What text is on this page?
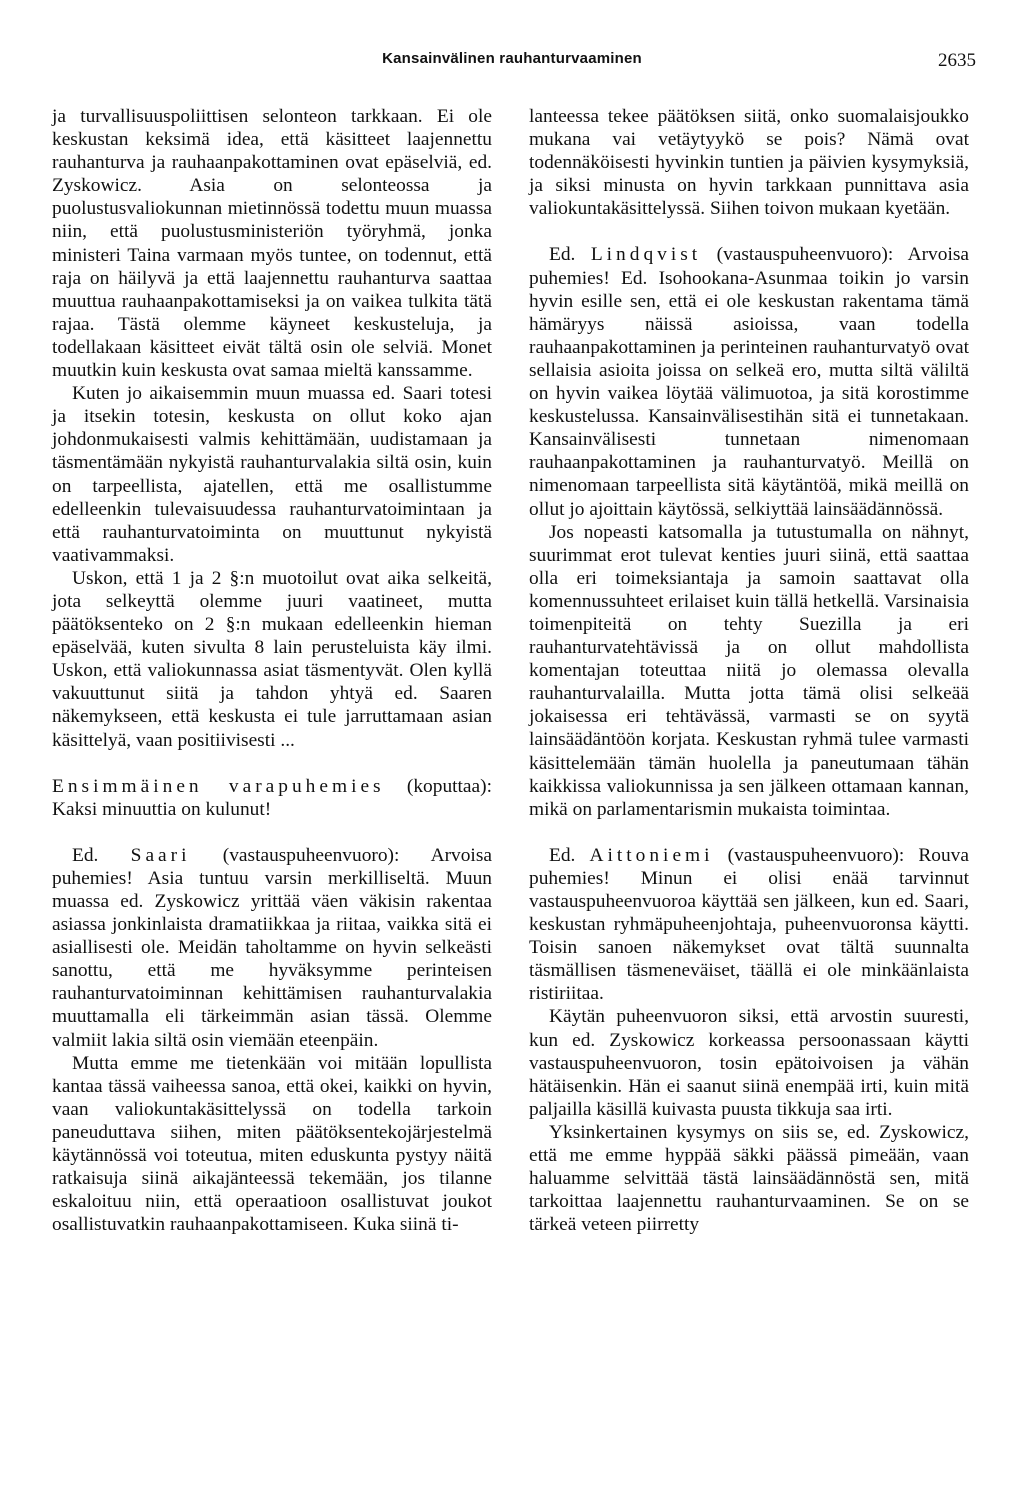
Kansainvälinen rauhanturvaaminen	2635

ja turvallisuuspoliittisen selonteon tarkkaan. Ei ole keskustan keksimä idea, että käsitteet laajennettu rauhanturva ja rauhaanpakottaminen ovat epäselviä, ed. Zyskowicz. Asia on selonteossa ja puolustusvaliokunnan mietinnössä todettu muun muassa niin, että puolustusministeriön työryhmä, jonka ministeri Taina varmaan myös tuntee, on todennut, että raja on häilyvä ja että laajennettu rauhanturva saattaa muuttua rauhaanpakottamiseksi ja on vaikea tulkita tätä rajaa. Tästä olemme käyneet keskusteluja, ja todellakaan käsitteet eivät tältä osin ole selviä. Monet muutkin kuin keskusta ovat samaa mieltä kanssamme.

Kuten jo aikaisemmin muun muassa ed. Saari totesi ja itsekin totesin, keskusta on ollut koko ajan johdonmukaisesti valmis kehittämään, uudistamaan ja täsmentämään nykyistä rauhanturvalakia siltä osin, kuin on tarpeellista, ajatellen, että me osallistumme edelleenkin tulevaisuudessa rauhanturvatoimintaan ja että rauhanturvatoiminta on muuttunut nykyistä vaativammaksi.

Uskon, että 1 ja 2 §:n muotoilut ovat aika selkeitä, jota selkeyttä olemme juuri vaatineet, mutta päätöksenteko on 2 §:n mukaan edelleenkin hieman epäselvää, kuten sivulta 8 lain perusteluista käy ilmi. Uskon, että valiokunnassa asiat täsmentyvät. Olen kyllä vakuuttunut siitä ja tahdon yhtyä ed. Saaren näkemykseen, että keskusta ei tule jarruttamaan asian käsittelyä, vaan positiivisesti ...

Ensimmäinen varapuhemies (koputtaa): Kaksi minuuttia on kulunut!

Ed. Saari (vastauspuheenvuoro): Arvoisa puhemies! Asia tuntuu varsin merkilliseltä. Muun muassa ed. Zyskowicz yrittää väen väkisin rakentaa asiassa jonkinlaista dramatiikkaa ja riitaa, vaikka sitä ei asiallisesti ole. Meidän taholtamme on hyvin selkeästi sanottu, että me hyväksymme perinteisen rauhanturvatoiminnan kehittämisen rauhanturvalakia muuttamalla eli tärkeimmän asian tässä. Olemme valmiit lakia siltä osin viemään eteenpäin.

Mutta emme me tietenkään voi mitään lopullista kantaa tässä vaiheessa sanoa, että okei, kaikki on hyvin, vaan valiokuntakäsittelyssä on todella tarkoin paneuduttava siihen, miten päätöksentekojärjestelmä käytännössä voi toteutua, miten eduskunta pystyy näitä ratkaisuja siinä aikajänteessä tekemään, jos tilanne eskaloituu niin, että operaatioon osallistuvat joukot osallistuvatkin rauhaanpakottamiseen. Kuka siinä ti-

lanteessa tekee päätöksen siitä, onko suomalaisjoukko mukana vai vetäytyykö se pois? Nämä ovat todennäköisesti hyvinkin tuntien ja päivien kysymyksiä, ja siksi minusta on hyvin tarkkaan punnittava asia valiokuntakäsittelyssä. Siihen toivon mukaan kyetään.

Ed. Lindqvist (vastauspuheenvuoro): Arvoisa puhemies! Ed. Isohookana-Asunmaa toikin jo varsin hyvin esille sen, että ei ole keskustan rakentama tämä hämäryys näissä asioissa, vaan todella rauhaanpakottaminen ja perinteinen rauhanturvatyö ovat sellaisia asioita joissa on selkeä ero, mutta siltä väliltä on hyvin vaikea löytää välimuotoa, ja sitä korostimme keskustelussa. Kansainvälisestihän sitä ei tunnetakaan. Kansainvälisesti tunnetaan nimenomaan rauhaanpakottaminen ja rauhanturvatyö. Meillä on nimenomaan tarpeellista sitä käytäntöä, mikä meillä on ollut jo ajoittain käytössä, selkiyttää lainsäädännössä.

Jos nopeasti katsomalla ja tutustumalla on nähnyt, suurimmat erot tulevat kenties juuri siinä, että saattaa olla eri toimeksiantaja ja samoin saattavat olla komennussuhteet erilaiset kuin tällä hetkellä. Varsinaisia toimenpiteitä on tehty Suezilla ja eri rauhanturvatehtävissä ja on ollut mahdollista komentajan toteuttaa niitä jo olemassa olevalla rauhanturvalailla. Mutta jotta tämä olisi selkeää jokaisessa eri tehtävässä, varmasti se on syytä lainsäädäntöön korjata. Keskustan ryhmä tulee varmasti käsittelemään tämän huolella ja paneutumaan tähän kaikkissa valiokunnissa ja sen jälkeen ottamaan kannan, mikä on parlamentarismin mukaista toimintaa.

Ed. Aittoniemi (vastauspuheenvuoro): Rouva puhemies! Minun ei olisi enää tarvinnut vastauspuheenvuoroa käyttää sen jälkeen, kun ed. Saari, keskustan ryhmäpuheenjohtaja, puheenvuoronsa käytti. Toisin sanoen näkemykset ovat tältä suunnalta täsmällisen täsmeneväiset, täällä ei ole minkäänlaista ristiriitaa.

Käytän puheenvuoron siksi, että arvostin suuresti, kun ed. Zyskowicz korkeassa persoonassaan käytti vastauspuheenvuoron, tosin epätoivoisen ja vähän hätäisenkin. Hän ei saanut siinä enempää irti, kuin mitä paljailla käsillä kuivasta puusta tikkuja saa irti.

Yksinkertainen kysymys on siis se, ed. Zyskowicz, että me emme hyppää säkki päässä pimeään, vaan haluamme selvittää tästä lainsäädännöstä sen, mitä tarkoittaa laajennettu rauhanturvaaminen. Se on se tärkeä veteen piirretty
